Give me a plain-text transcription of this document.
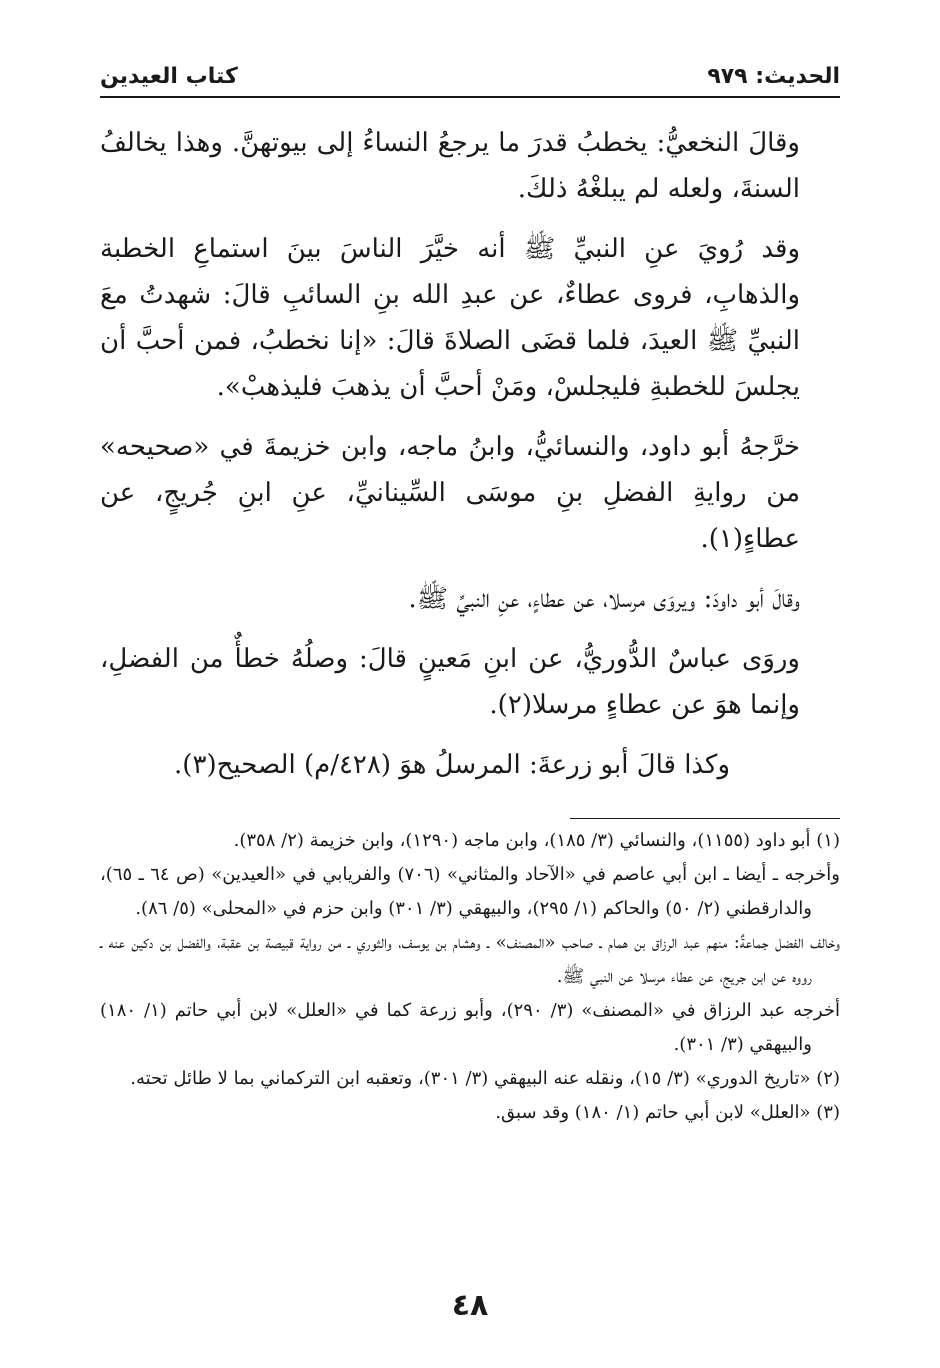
الحديث: ٩٧٩
كتاب العيدين

وقالَ النخعيُّ: يخطبُ قدرَ ما يرجعُ النساءُ إلى بيوتهنَّ. وهذا يخالفُ السنةَ، ولعله لم يبلغْهُ ذلكَ.

وقد رُويَ عنِ النبيِّ ﷺ أنه خيَّرَ الناسَ بينَ استماعِ الخطبة والذهابِ، فروى عطاءٌ، عن عبدِ الله بنِ السائبِ قالَ: شهدتُ معَ النبيِّ ﷺ العيدَ، فلما قضَى الصلاةَ قالَ: «إنا نخطبُ، فمن أحبَّ أن يجلسَ للخطبةِ فليجلسْ، ومَنْ أحبَّ أن يذهبَ فليذهبْ».

خرَّجهُ أبو داود، والنسائيُّ، وابنُ ماجه، وابن خزيمةَ في «صحيحه» من روايةِ الفضلِ بنِ موسَى السِّينانيِّ، عنِ ابنِ جُريجٍ، عن عطاءٍ(١).

وقالَ أبو داودَ: ويروَى مرسلا، عن عطاءٍ، عنِ النبيِّ ﷺ.

وروَى عباسٌ الدُّوريُّ، عن ابنِ مَعينٍ قالَ: وصلُهُ خطأٌ من الفضلِ، وإنما هوَ عن عطاءٍ مرسلا(٢).

وكذا قالَ أبو زرعةَ: المرسلُ هوَ (٤٢٨/م) الصحيح(٣).

(١) أبو داود (١١٥٥)، والنسائي (٣/ ١٨٥)، وابن ماجه (١٢٩٠)، وابن خزيمة (٢/ ٣٥٨).

وأخرجه ـ أيضا ـ ابن أبي عاصم في «الآحاد والمثاني» (٧٠٦) والفريابي في «العيدين» (ص ٦٤ ـ ٦٥)، والدارقطني (٢/ ٥٠) والحاكم (١/ ٢٩٥)، والبيهقي (٣/ ٣٠١) وابن حزم في «المحلى» (٥/ ٨٦).

وخالف الفضل جماعةٌ: منهم عبد الرزاق بن همام ـ صاحب «المصنف» ـ وهشام بن يوسف، والثوري ـ من رواية قبيصة بن عقبة، والفضل بن دكين عنه ـ رووه عن ابن جريج، عن عطاء مرسلا عن النبي ﷺ.

أخرجه عبد الرزاق في «المصنف» (٣/ ٢٩٠)، وأبو زرعة كما في «العلل» لابن أبي حاتم (١/ ١٨٠) والبيهقي (٣/ ٣٠١).

(٢) «تاريخ الدوري» (٣/ ١٥)، ونقله عنه البيهقي (٣/ ٣٠١)، وتعقبه ابن التركماني بما لا طائل تحته.

(٣) «العلل» لابن أبي حاتم (١/ ١٨٠) وقد سبق.

٤٨
